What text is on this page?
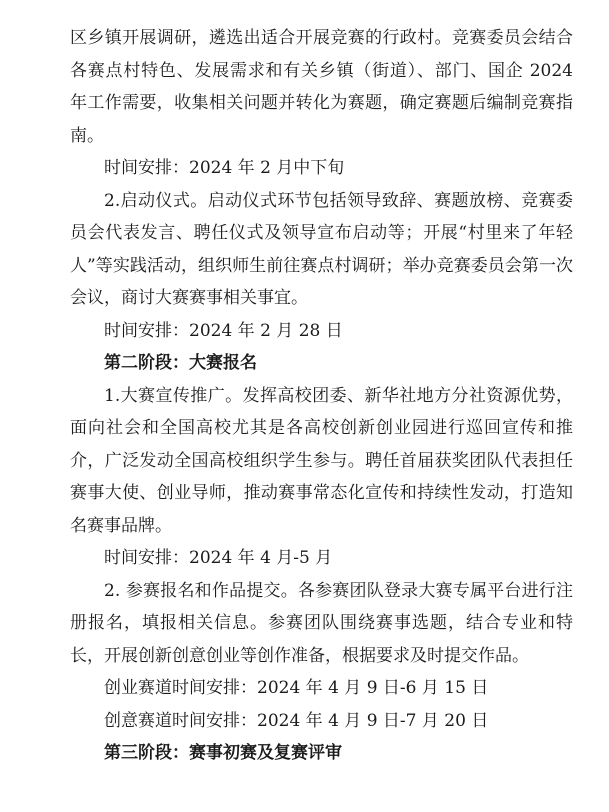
区乡镇开展调研，遴选出适合开展竞赛的行政村。竞赛委员会结合各赛点村特色、发展需求和有关乡镇（街道）、部门、国企 2024 年工作需要，收集相关问题并转化为赛题，确定赛题后编制竞赛指南。

时间安排：2024 年 2 月中下旬

2.启动仪式。启动仪式环节包括领导致辞、赛题放榜、竞赛委员会代表发言、聘任仪式及领导宣布启动等；开展“村里来了年轻人”等实践活动，组织师生前往赛点村调研；举办竞赛委员会第一次会议，商讨大赛赛事相关事宜。

时间安排：2024 年 2 月 28 日

第二阶段：大赛报名

1.大赛宣传推广。发挥高校团委、新华社地方分社资源优势，面向社会和全国高校尤其是各高校创新创业园进行巡回宣传和推介，广泛发动全国高校组织学生参与。聘任首届获奖团队代表担任赛事大使、创业导师，推动赛事常态化宣传和持续性发动，打造知名赛事品牌。

时间安排：2024 年 4 月-5 月

2. 参赛报名和作品提交。各参赛团队登录大赛专属平台进行注册报名，填报相关信息。参赛团队围绕赛事选题，结合专业和特长，开展创新创意创业等创作准备，根据要求及时提交作品。

创业赛道时间安排：2024 年 4 月 9 日-6 月 15 日

创意赛道时间安排：2024 年 4 月 9 日-7 月 20 日

第三阶段：赛事初赛及复赛评审
